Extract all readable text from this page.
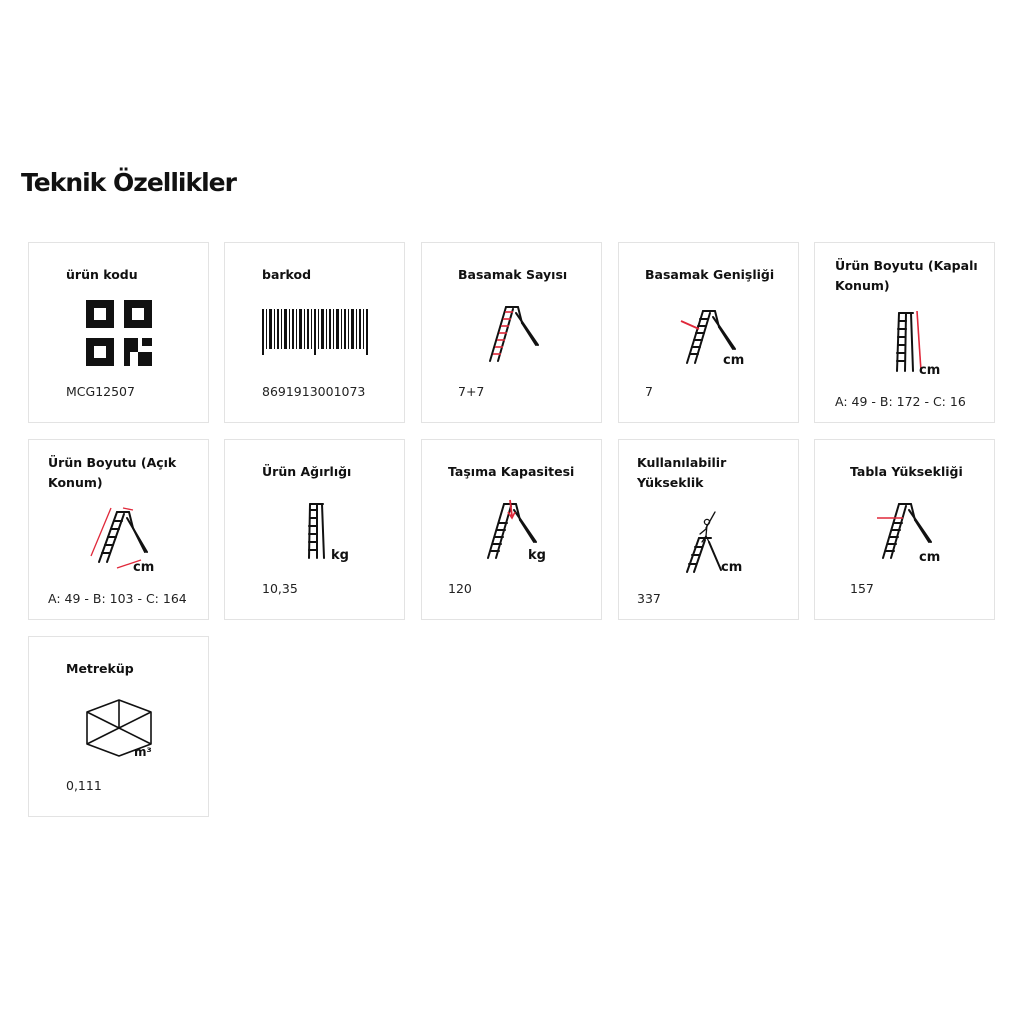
Teknik Özellikler
ürün kodu
MCG12507
barkod
8691913001073
Basamak Sayısı
7+7
Basamak Genişliği
cm
7
Ürün Boyutu (Kapalı Konum)
cm
A: 49 - B: 172 - C: 16
Ürün Boyutu (Açık Konum)
cm
A: 49 - B: 103 - C: 164
Ürün Ağırlığı
kg
10,35
Taşıma Kapasitesi
kg
120
Kullanılabilir Yükseklik
cm
337
Tabla Yüksekliği
cm
157
Metreküp
m³
0,111
